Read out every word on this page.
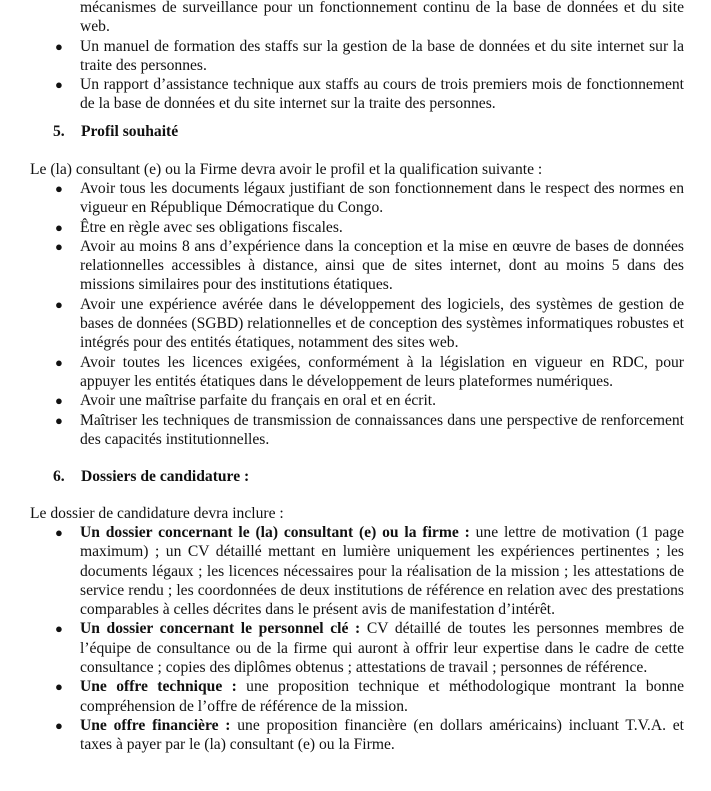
mécanismes de surveillance pour un fonctionnement continu de la base de données et du site web.
● Un manuel de formation des staffs sur la gestion de la base de données et du site internet sur la traite des personnes.
● Un rapport d’assistance technique aux staffs au cours de trois premiers mois de fonctionnement de la base de données et du site internet sur la traite des personnes.
5. Profil souhaité
Le (la) consultant (e) ou la Firme devra avoir le profil et la qualification suivante :
● Avoir tous les documents légaux justifiant de son fonctionnement dans le respect des normes en vigueur en République Démocratique du Congo.
● Être en règle avec ses obligations fiscales.
● Avoir au moins 8 ans d’expérience dans la conception et la mise en œuvre de bases de données relationnelles accessibles à distance, ainsi que de sites internet, dont au moins 5 dans des missions similaires pour des institutions étatiques.
● Avoir une expérience avérée dans le développement des logiciels, des systèmes de gestion de bases de données (SGBD) relationnelles et de conception des systèmes informatiques robustes et intégrés pour des entités étatiques, notamment des sites web.
● Avoir toutes les licences exigées, conformément à la législation en vigueur en RDC, pour appuyer les entités étatiques dans le développement de leurs plateformes numériques.
● Avoir une maîtrise parfaite du français en oral et en écrit.
● Maîtriser les techniques de transmission de connaissances dans une perspective de renforcement des capacités institutionnelles.
6. Dossiers de candidature :
Le dossier de candidature devra inclure :
● Un dossier concernant le (la) consultant (e) ou la firme : une lettre de motivation (1 page maximum) ; un CV détaillé mettant en lumière uniquement les expériences pertinentes ; les documents légaux ; les licences nécessaires pour la réalisation de la mission ; les attestations de service rendu ; les coordonnées de deux institutions de référence en relation avec des prestations comparables à celles décrites dans le présent avis de manifestation d’intérêt.
● Un dossier concernant le personnel clé : CV détaillé de toutes les personnes membres de l’équipe de consultance ou de la firme qui auront à offrir leur expertise dans le cadre de cette consultance ; copies des diplômes obtenus ; attestations de travail ; personnes de référence.
● Une offre technique : une proposition technique et méthodologique montrant la bonne compréhension de l’offre de référence de la mission.
● Une offre financière : une proposition financière (en dollars américains) incluant T.V.A. et taxes à payer par le (la) consultant (e) ou la Firme.
